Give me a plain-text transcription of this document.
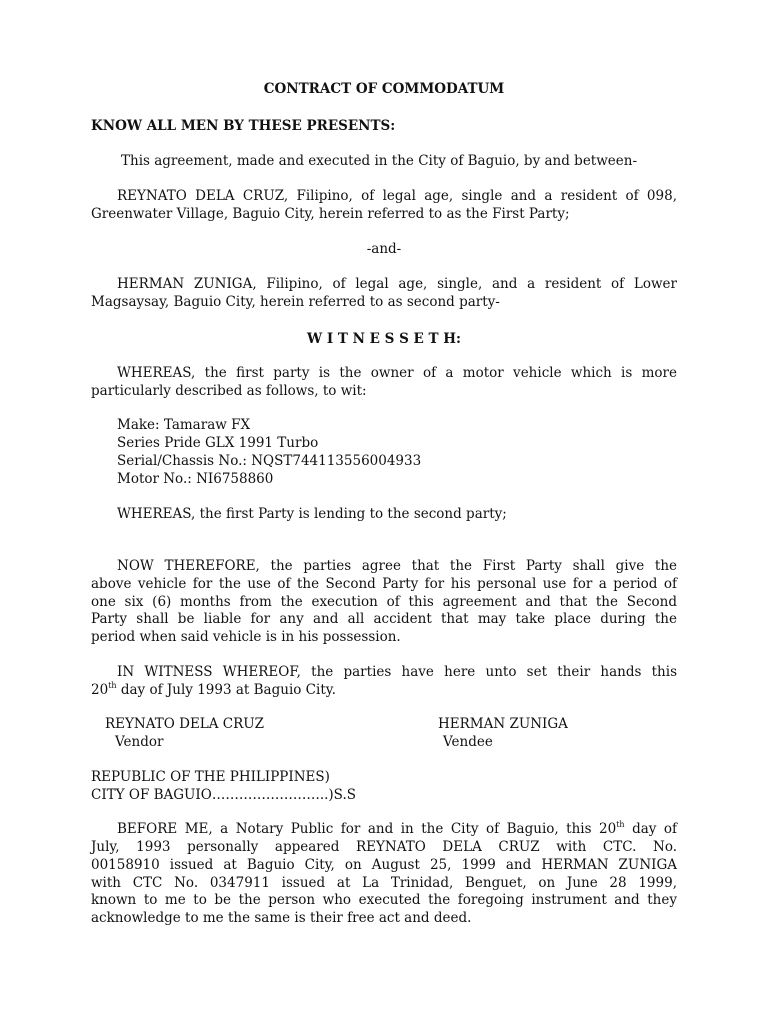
CONTRACT OF COMMODATUM
KNOW ALL MEN BY THESE PRESENTS:
This agreement, made and executed in the City of Baguio, by and between-
REYNATO DELA CRUZ, Filipino, of legal age, single and a resident of 098,
Greenwater Village, Baguio City, herein referred to as the First Party;
-and-
HERMAN ZUNIGA, Filipino, of legal age, single, and a resident of Lower
Magsaysay, Baguio City, herein referred to as second party-
W I T N E S S E T H:
WHEREAS, the first party is the owner of a motor vehicle which is more
particularly described as follows, to wit:
Make: Tamaraw FX
Series Pride GLX 1991 Turbo
Serial/Chassis No.: NQST744113556004933
Motor No.: NI6758860
WHEREAS, the first Party is lending to the second party;
NOW THEREFORE, the parties agree that the First Party shall give the
above vehicle for the use of the Second Party for his personal use for a period of
one six (6) months from the execution of this agreement and that the Second
Party shall be liable for any and all accident that may take place during the
period when said vehicle is in his possession.
IN WITNESS WHEREOF, the parties have here unto set their hands this
20th day of July 1993 at Baguio City.
REYNATO DELA CRUZ
Vendor
HERMAN ZUNIGA
Vendee
REPUBLIC OF THE PHILIPPINES)
CITY OF BAGUIO……………………..)S.S
BEFORE ME, a Notary Public for and in the City of Baguio, this 20th day of
July, 1993 personally appeared REYNATO DELA CRUZ with CTC. No.
00158910 issued at Baguio City, on August 25, 1999 and HERMAN ZUNIGA
with CTC No. 0347911 issued at La Trinidad, Benguet, on June 28 1999,
known to me to be the person who executed the foregoing instrument and they
acknowledge to me the same is their free act and deed.
